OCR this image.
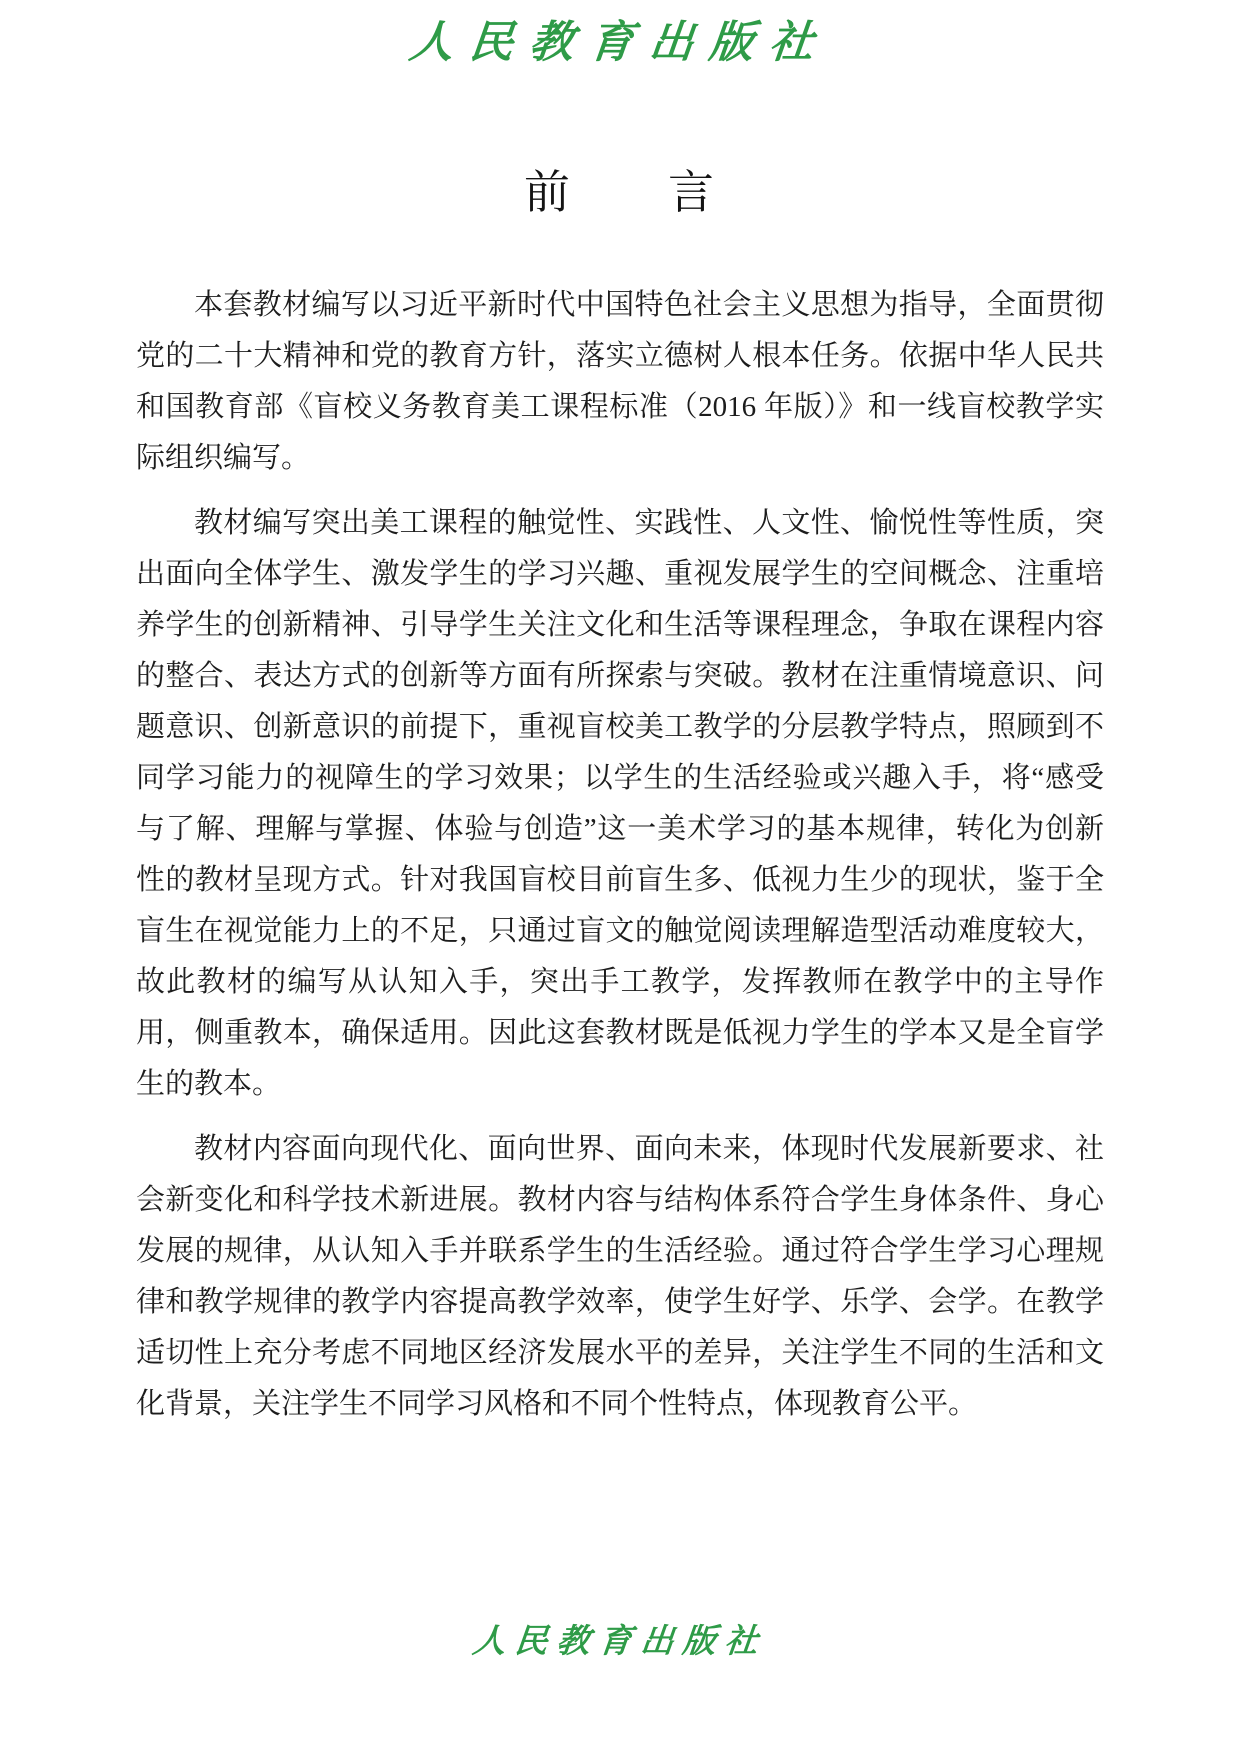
人民教育出版社
前　　言

本套教材编写以习近平新时代中国特色社会主义思想为指导，全面贯彻党的二十大精神和党的教育方针，落实立德树人根本任务。依据中华人民共和国教育部《盲校义务教育美工课程标准（2016 年版）》和一线盲校教学实际组织编写。

教材编写突出美工课程的触觉性、实践性、人文性、愉悦性等性质，突出面向全体学生、激发学生的学习兴趣、重视发展学生的空间概念、注重培养学生的创新精神、引导学生关注文化和生活等课程理念，争取在课程内容的整合、表达方式的创新等方面有所探索与突破。教材在注重情境意识、问题意识、创新意识的前提下，重视盲校美工教学的分层教学特点，照顾到不同学习能力的视障生的学习效果；以学生的生活经验或兴趣入手，将“感受与了解、理解与掌握、体验与创造”这一美术学习的基本规律，转化为创新性的教材呈现方式。针对我国盲校目前盲生多、低视力生少的现状，鉴于全盲生在视觉能力上的不足，只通过盲文的触觉阅读理解造型活动难度较大，故此教材的编写从认知入手，突出手工教学，发挥教师在教学中的主导作用，侧重教本，确保适用。因此这套教材既是低视力学生的学本又是全盲学生的教本。

教材内容面向现代化、面向世界、面向未来，体现时代发展新要求、社会新变化和科学技术新进展。教材内容与结构体系符合学生身体条件、身心发展的规律，从认知入手并联系学生的生活经验。通过符合学生学习心理规律和教学规律的教学内容提高教学效率，使学生好学、乐学、会学。在教学适切性上充分考虑不同地区经济发展水平的差异，关注学生不同的生活和文化背景，关注学生不同学习风格和不同个性特点，体现教育公平。

人民教育出版社
